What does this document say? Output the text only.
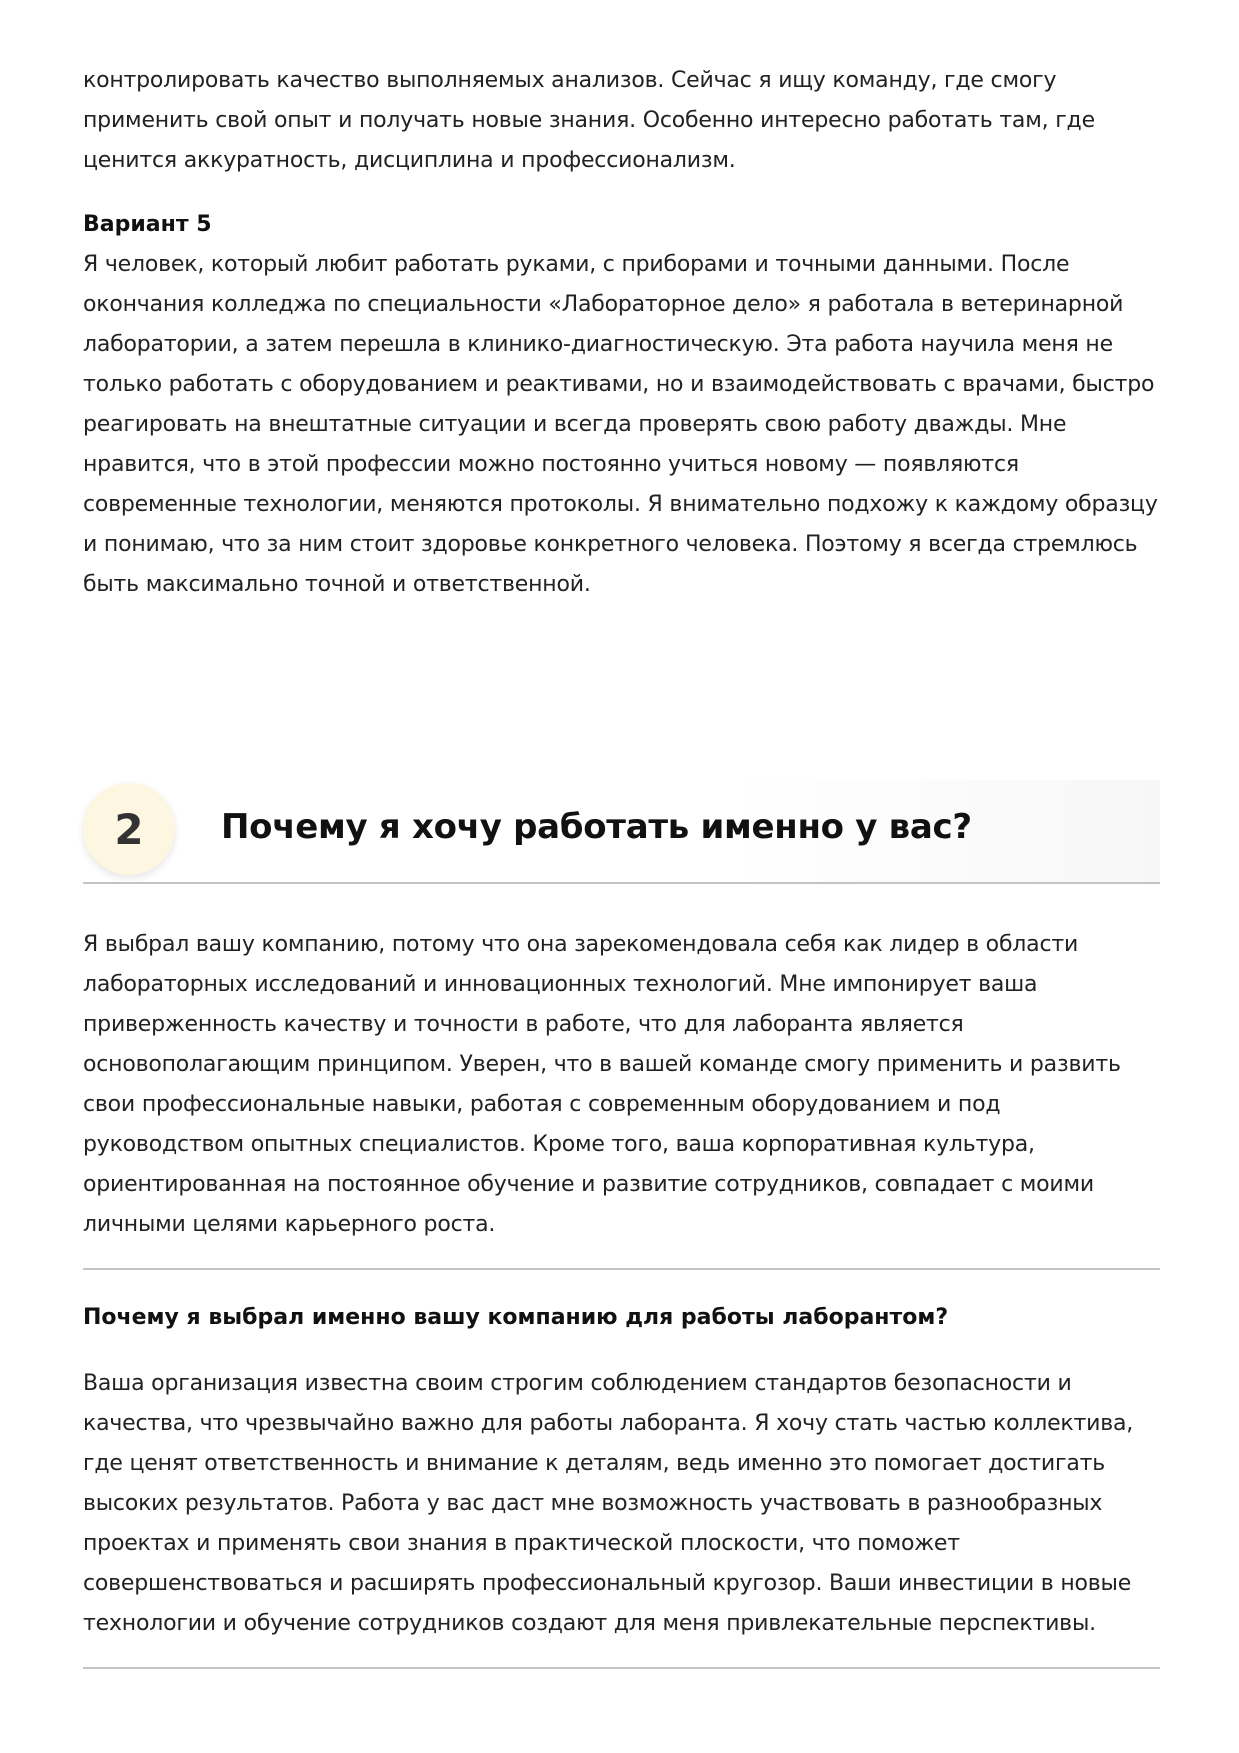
контролировать качество выполняемых анализов. Сейчас я ищу команду, где смогу применить свой опыт и получать новые знания. Особенно интересно работать там, где ценится аккуратность, дисциплина и профессионализм.

Вариант 5

Я человек, который любит работать руками, с приборами и точными данными. После окончания колледжа по специальности «Лабораторное дело» я работала в ветеринарной лаборатории, а затем перешла в клинико-диагностическую. Эта работа научила меня не только работать с оборудованием и реактивами, но и взаимодействовать с врачами, быстро реагировать на внештатные ситуации и всегда проверять свою работу дважды. Мне нравится, что в этой профессии можно постоянно учиться новому — появляются современные технологии, меняются протоколы. Я внимательно подхожу к каждому образцу и понимаю, что за ним стоит здоровье конкретного человека. Поэтому я всегда стремлюсь быть максимально точной и ответственной.

2	Почему я хочу работать именно у вас?

Я выбрал вашу компанию, потому что она зарекомендовала себя как лидер в области лабораторных исследований и инновационных технологий. Мне импонирует ваша приверженность качеству и точности в работе, что для лаборанта является основополагающим принципом. Уверен, что в вашей команде смогу применить и развить свои профессиональные навыки, работая с современным оборудованием и под руководством опытных специалистов. Кроме того, ваша корпоративная культура, ориентированная на постоянное обучение и развитие сотрудников, совпадает с моими личными целями карьерного роста.

Почему я выбрал именно вашу компанию для работы лаборантом?

Ваша организация известна своим строгим соблюдением стандартов безопасности и качества, что чрезвычайно важно для работы лаборанта. Я хочу стать частью коллектива, где ценят ответственность и внимание к деталям, ведь именно это помогает достигать высоких результатов. Работа у вас даст мне возможность участвовать в разнообразных проектах и применять свои знания в практической плоскости, что поможет совершенствоваться и расширять профессиональный кругозор. Ваши инвестиции в новые технологии и обучение сотрудников создают для меня привлекательные перспективы.
